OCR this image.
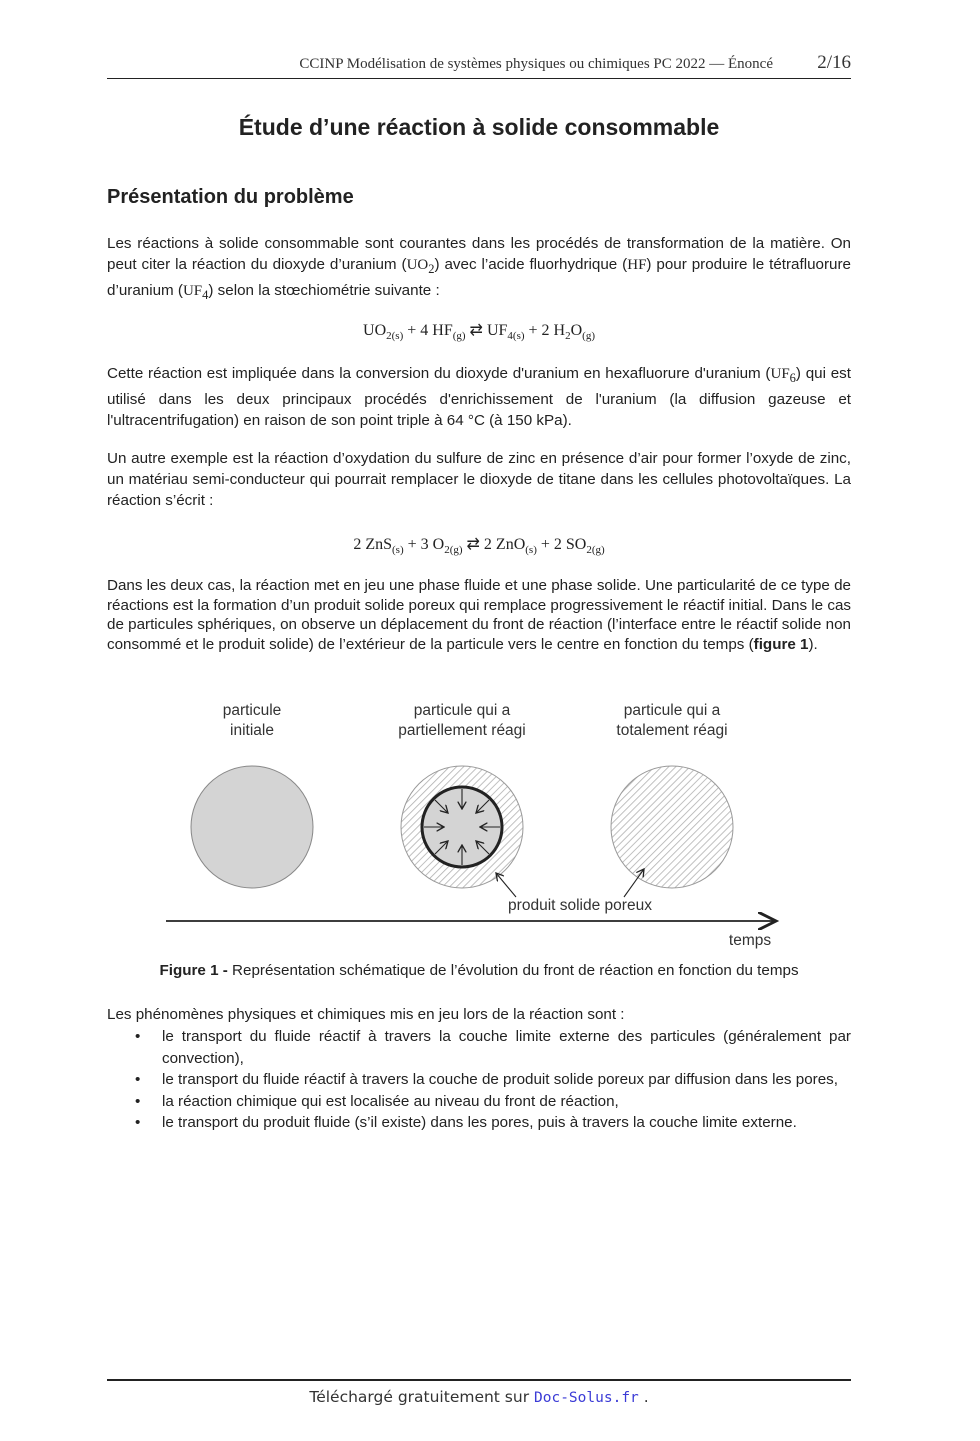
CCINP Modélisation de systèmes physiques ou chimiques PC 2022 — Énoncé 2/16
Étude d’une réaction à solide consommable
Présentation du problème
Les réactions à solide consommable sont courantes dans les procédés de transformation de la matière. On peut citer la réaction du dioxyde d’uranium $(UO_2)$ avec l’acide fluorhydrique (HF) pour produire le tétrafluorure d’uranium $(UF_4)$ selon la stœchiométrie suivante :
$UO_{2(s)} + 4$ $HF_{(g)}$ ⇄ $UF_{4(s)} + 2$ $H_2O_{(g)}$
Cette réaction est impliquée dans la conversion du dioxyde d'uranium en hexafluorure d'uranium $(UF_6)$ qui est utilisé dans les deux principaux procédés d'enrichissement de l'uranium (la diffusion gazeuse et l'ultracentrifugation) en raison de son point triple à 64 °C (à 150 kPa).
Un autre exemple est la réaction d’oxydation du sulfure de zinc en présence d’air pour former l’oxyde de zinc, un matériau semi-conducteur qui pourrait remplacer le dioxyde de titane dans les cellules photovoltaïques. La réaction s’écrit :
2 ZnS$_{(s)}$ + 3 $O_{2(g)}$ ⇄ 2 ZnO$_{(s)}$ + 2 $SO_{2(g)}$
Dans les deux cas, la réaction met en jeu une phase fluide et une phase solide. Une particularité de ce type de réactions est la formation d’un produit solide poreux qui remplace progressivement le réactif initial. Dans le cas de particules sphériques, on observe un déplacement du front de réaction (l’interface entre le réactif solide non consommé et le produit solide) de l’extérieur de la particule vers le centre en fonction du temps (figure 1).
particule
initiale
particule qui a
partiellement réagi
particule qui a
totalement réagi
produit solide poreux
temps
Figure 1 - Représentation schématique de l’évolution du front de réaction en fonction du temps
Les phénomènes physiques et chimiques mis en jeu lors de la réaction sont :
• le transport du fluide réactif à travers la couche limite externe des particules (généralement par convection),
• le transport du fluide réactif à travers la couche de produit solide poreux par diffusion dans les pores,
• la réaction chimique qui est localisée au niveau du front de réaction,
• le transport du produit fluide (s’il existe) dans les pores, puis à travers la couche limite externe.
Téléchargé gratuitement sur Doc-Solus.fr .
